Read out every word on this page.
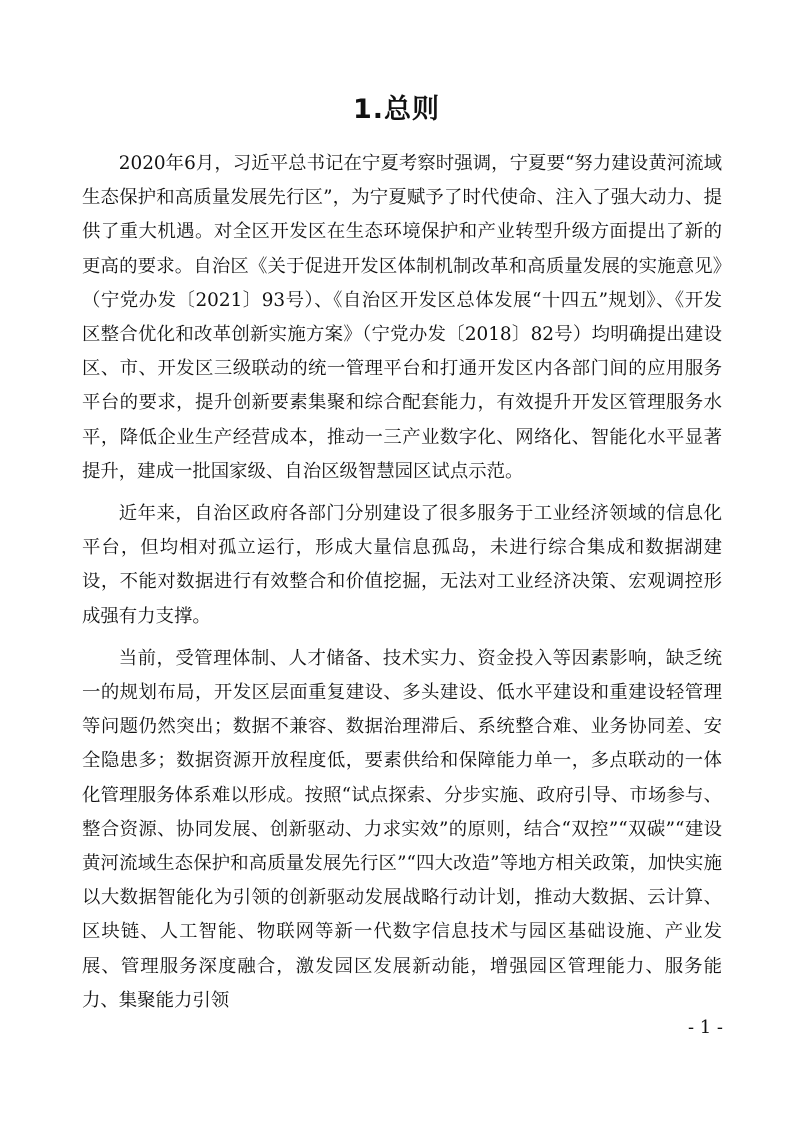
1.总则

2020年6月，习近平总书记在宁夏考察时强调，宁夏要“努力建设黄河流域生态保护和高质量发展先行区”，为宁夏赋予了时代使命、注入了强大动力、提供了重大机遇。对全区开发区在生态环境保护和产业转型升级方面提出了新的更高的要求。自治区《关于促进开发区体制机制改革和高质量发展的实施意见》（宁党办发〔2021〕93号）、《自治区开发区总体发展“十四五”规划》、《开发区整合优化和改革创新实施方案》（宁党办发〔2018〕82号）均明确提出建设区、市、开发区三级联动的统一管理平台和打通开发区内各部门间的应用服务平台的要求，提升创新要素集聚和综合配套能力，有效提升开发区管理服务水平，降低企业生产经营成本，推动一三产业数字化、网络化、智能化水平显著提升，建成一批国家级、自治区级智慧园区试点示范。

近年来，自治区政府各部门分别建设了很多服务于工业经济领域的信息化平台，但均相对孤立运行，形成大量信息孤岛，未进行综合集成和数据湖建设，不能对数据进行有效整合和价值挖掘，无法对工业经济决策、宏观调控形成强有力支撑。

当前，受管理体制、人才储备、技术实力、资金投入等因素影响，缺乏统一的规划布局，开发区层面重复建设、多头建设、低水平建设和重建设轻管理等问题仍然突出；数据不兼容、数据治理滞后、系统整合难、业务协同差、安全隐患多；数据资源开放程度低，要素供给和保障能力单一，多点联动的一体化管理服务体系难以形成。按照“试点探索、分步实施、政府引导、市场参与、整合资源、协同发展、创新驱动、力求实效”的原则，结合“双控”“双碳”“建设黄河流域生态保护和高质量发展先行区”“四大改造”等地方相关政策，加快实施以大数据智能化为引领的创新驱动发展战略行动计划，推动大数据、云计算、区块链、人工智能、物联网等新一代数字信息技术与园区基础设施、产业发展、管理服务深度融合，激发园区发展新动能，增强园区管理能力、服务能力、集聚能力引领

- 1 -
